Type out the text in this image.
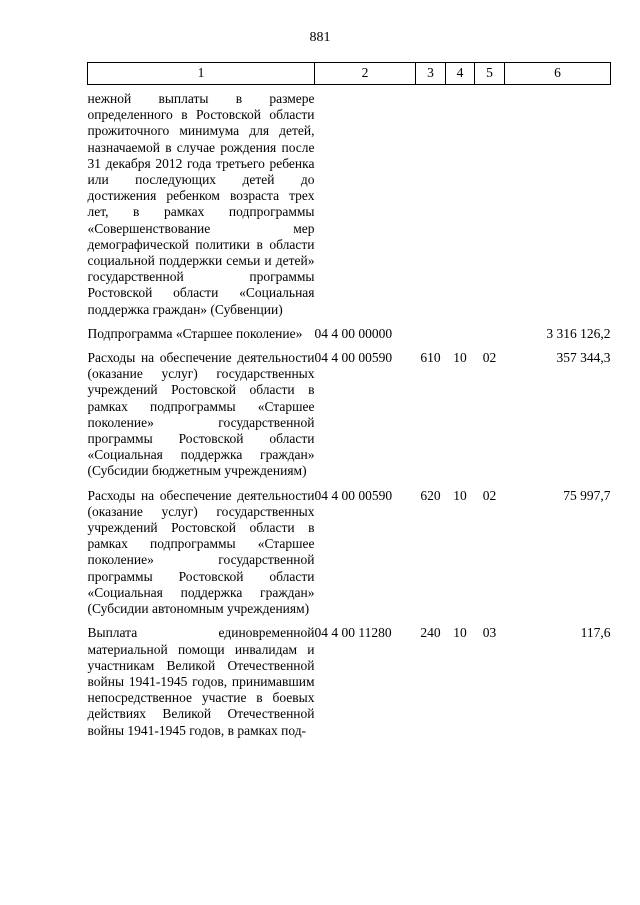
881
1	2	3	4	5	6
нежной выплаты в размере определенного в Ростовской области прожиточного минимума для детей, назначаемой в случае рождения после 31 декабря 2012 года третьего ребенка или последующих детей до достижения ребенком возраста трех лет, в рамках подпрограммы «Совершенствование мер демографической политики в области социальной поддержки семьи и детей» государственной программы Ростовской области «Социальная поддержка граждан» (Субвенции)					
Подпрограмма «Старшее поколение»	04 4 00 00000				3 316 126,2
Расходы на обеспечение деятельности (оказание услуг) государственных учреждений Ростовской области в рамках подпрограммы «Старшее поколение» государственной программы Ростовской области «Социальная поддержка граждан» (Субсидии бюджетным учреждениям)	04 4 00 00590	610	10	02	357 344,3
Расходы на обеспечение деятельности (оказание услуг) государственных учреждений Ростовской области в рамках подпрограммы «Старшее поколение» государственной программы Ростовской области «Социальная поддержка граждан» (Субсидии автономным учреждениям)	04 4 00 00590	620	10	02	75 997,7
Выплата единовременной материальной помощи инвалидам и участникам Великой Отечественной войны 1941-1945 годов, принимавшим непосредственное участие в боевых действиях Великой Отечественной войны 1941-1945 годов, в рамках под-	04 4 00 11280	240	10	03	117,6
